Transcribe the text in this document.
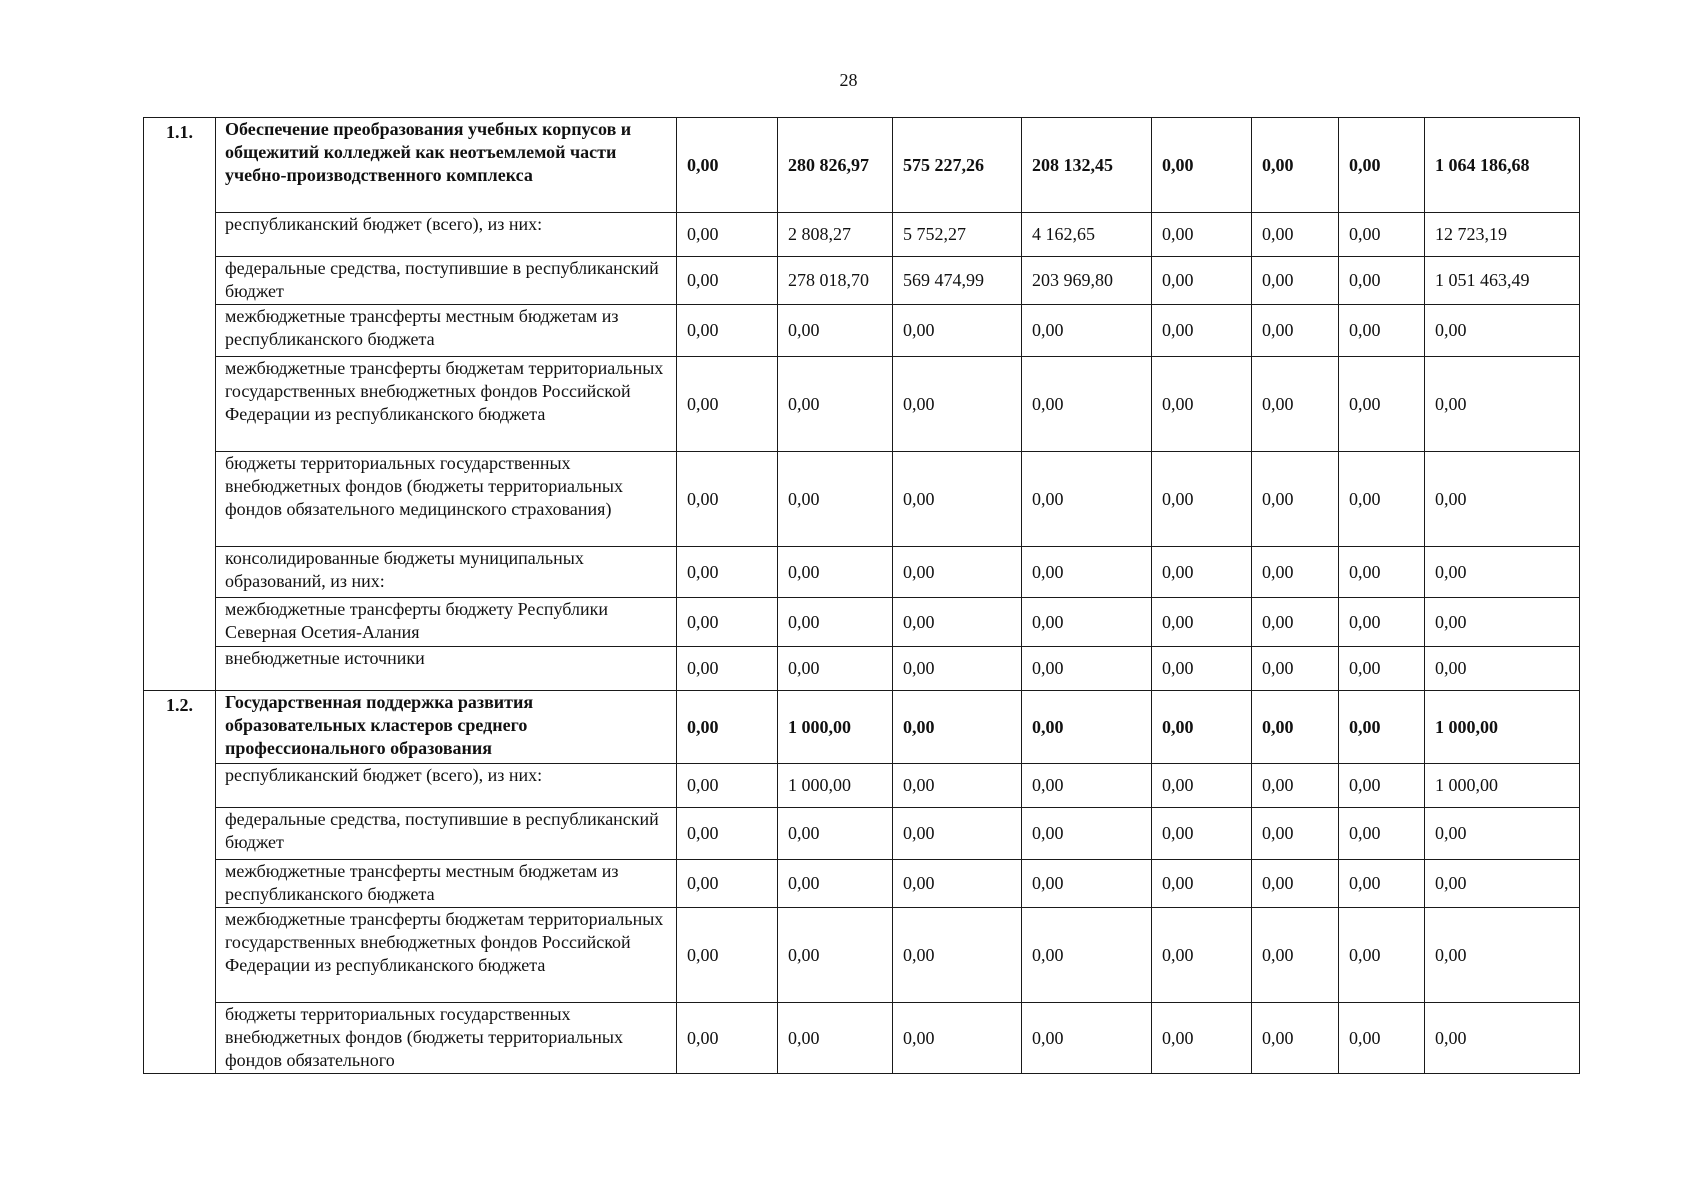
28
1.1.	Обеспечение преобразования учебных корпусов и общежитий колледжей как неотъемлемой части учебно-производственного комплекса	0,00	280 826,97	575 227,26	208 132,45	0,00	0,00	0,00	1 064 186,68
	республиканский бюджет (всего), из них:	0,00	2 808,27	5 752,27	4 162,65	0,00	0,00	0,00	12 723,19
	федеральные средства, поступившие в республиканский бюджет	0,00	278 018,70	569 474,99	203 969,80	0,00	0,00	0,00	1 051 463,49
	межбюджетные трансферты местным бюджетам из республиканского бюджета	0,00	0,00	0,00	0,00	0,00	0,00	0,00	0,00
	межбюджетные трансферты бюджетам территориальных государственных внебюджетных фондов Российской Федерации из республиканского бюджета	0,00	0,00	0,00	0,00	0,00	0,00	0,00	0,00
	бюджеты территориальных государственных внебюджетных фондов (бюджеты территориальных фондов обязательного медицинского страхования)	0,00	0,00	0,00	0,00	0,00	0,00	0,00	0,00
	консолидированные бюджеты муниципальных образований, из них:	0,00	0,00	0,00	0,00	0,00	0,00	0,00	0,00
	межбюджетные трансферты бюджету Республики Северная Осетия-Алания	0,00	0,00	0,00	0,00	0,00	0,00	0,00	0,00
	внебюджетные источники	0,00	0,00	0,00	0,00	0,00	0,00	0,00	0,00
1.2.	Государственная поддержка развития образовательных кластеров среднего профессионального образования	0,00	1 000,00	0,00	0,00	0,00	0,00	0,00	1 000,00
	республиканский бюджет (всего), из них:	0,00	1 000,00	0,00	0,00	0,00	0,00	0,00	1 000,00
	федеральные средства, поступившие в республиканский бюджет	0,00	0,00	0,00	0,00	0,00	0,00	0,00	0,00
	межбюджетные трансферты местным бюджетам из республиканского бюджета	0,00	0,00	0,00	0,00	0,00	0,00	0,00	0,00
	межбюджетные трансферты бюджетам территориальных государственных внебюджетных фондов Российской Федерации из республиканского бюджета	0,00	0,00	0,00	0,00	0,00	0,00	0,00	0,00
	бюджеты территориальных государственных внебюджетных фондов (бюджеты территориальных фондов обязательного	0,00	0,00	0,00	0,00	0,00	0,00	0,00	0,00
